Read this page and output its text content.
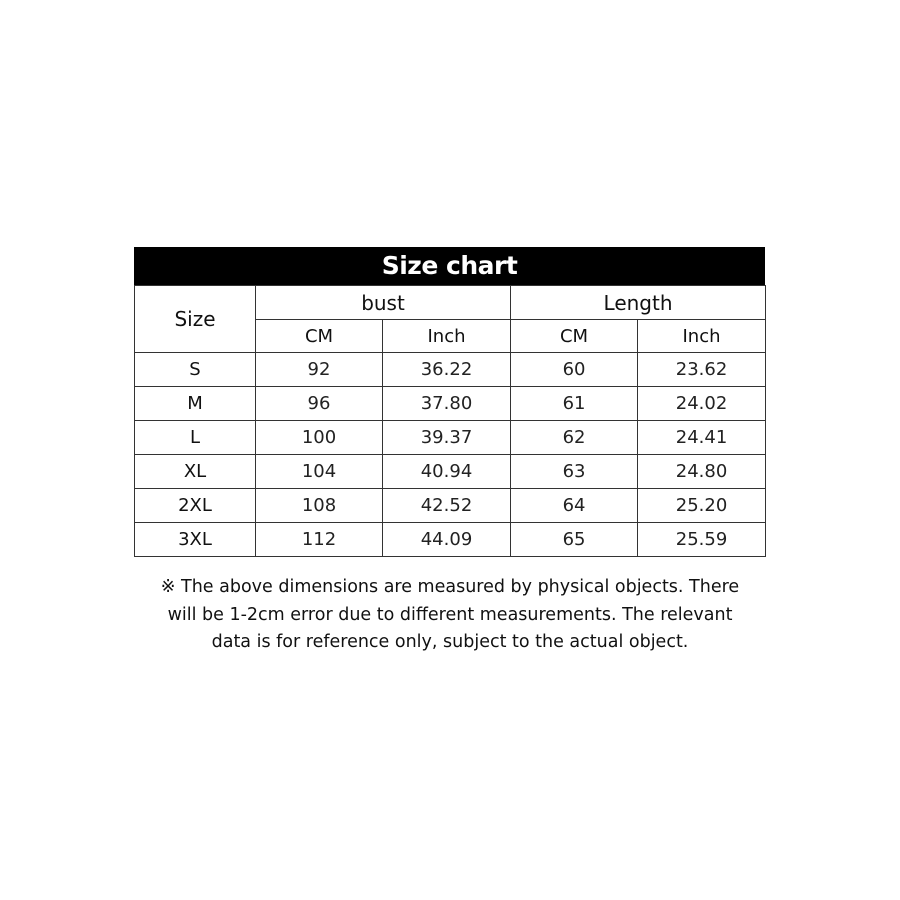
Size chart
Size	bust		Length	
	CM	Inch	CM	Inch
S	92	36.22	60	23.62
M	96	37.80	61	24.02
L	100	39.37	62	24.41
XL	104	40.94	63	24.80
2XL	108	42.52	64	25.20
3XL	112	44.09	65	25.59
※ The above dimensions are measured by physical objects. There
will be 1-2cm error due to different measurements. The relevant
data is for reference only, subject to the actual object.
